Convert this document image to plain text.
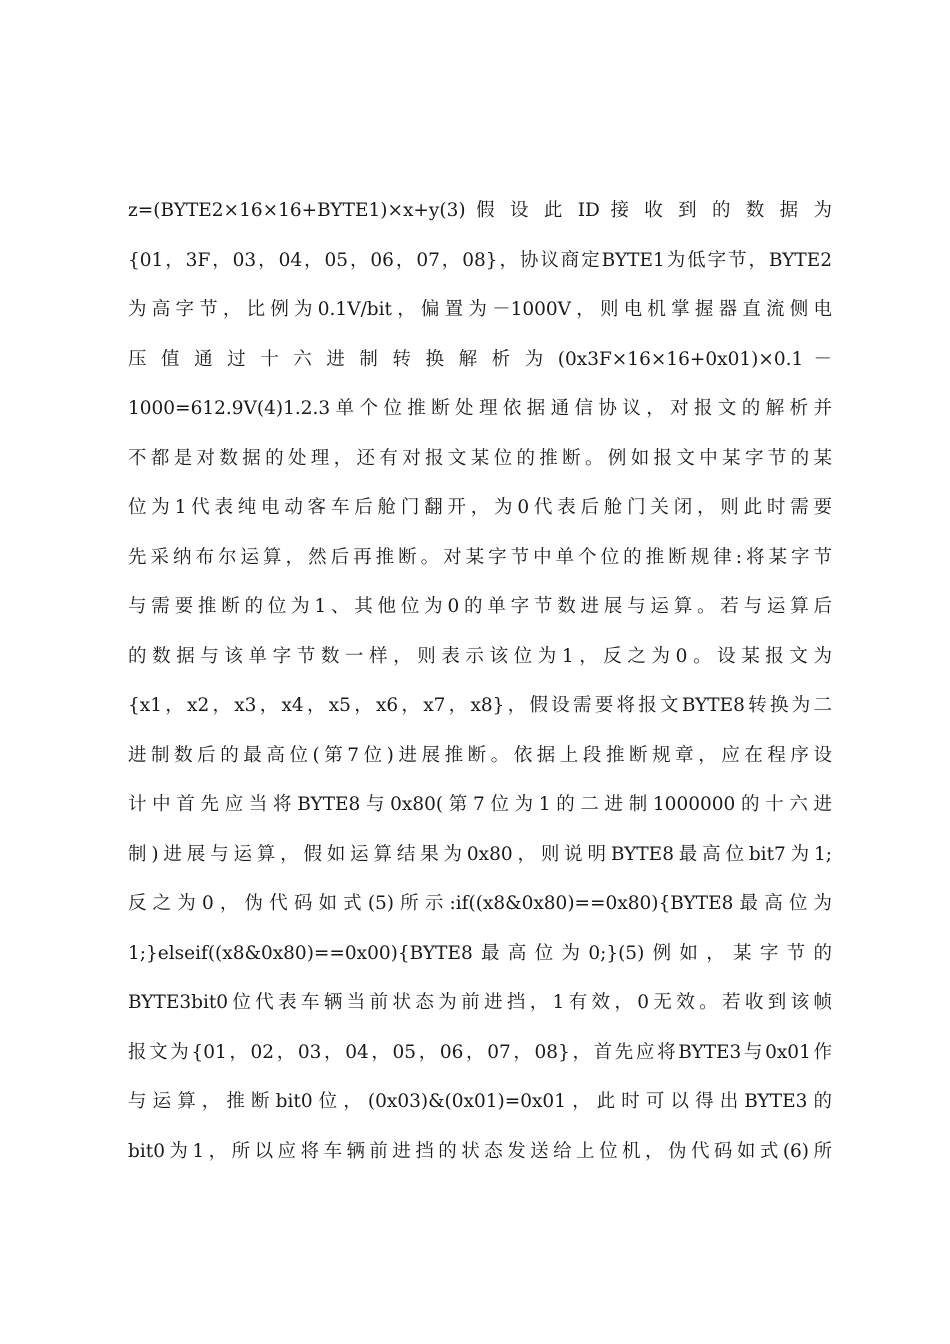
z=(BYTE2×16×16+BYTE1)×x+y(3) 假 设 此 ID 接 收 到 的 数 据 为
{01，3F，03，04，05，06，07，08}，协议商定BYTE1为低字节，BYTE2
为高字节，比例为0.1V/bit，偏置为－1000V，则电机掌握器直流侧电
压 值 通 过 十 六 进 制 转 换 解 析 为 (0x3F×16×16+0x01)×0.1 －
1000=612.9V(4)1.2.3单个位推断处理依据通信协议，对报文的解析并
不都是对数据的处理，还有对报文某位的推断。例如报文中某字节的某
位为1代表纯电动客车后舱门翻开，为0代表后舱门关闭，则此时需要
先采纳布尔运算，然后再推断。对某字节中单个位的推断规律:将某字节
与需要推断的位为1、其他位为0的单字节数进展与运算。若与运算后
的数据与该单字节数一样，则表示该位为1，反之为0。设某报文为
{x1，x2，x3，x4，x5，x6，x7，x8}，假设需要将报文BYTE8转换为二
进制数后的最高位(第7位)进展推断。依据上段推断规章，应在程序设
计中首先应当将BYTE8与0x80(第7位为1的二进制1000000的十六进
制)进展与运算，假如运算结果为0x80，则说明BYTE8最高位bit7为1;
反之为0，伪代码如式(5)所示:if((x8&0x80)==0x80){BYTE8最高位为
1;}elseif((x8&0x80)==0x00){BYTE8最高位为0;}(5)例如，某字节的
BYTE3bit0位代表车辆当前状态为前进挡，1有效，0无效。若收到该帧
报文为{01，02，03，04，05，06，07，08}，首先应将BYTE3与0x01作
与运算，推断bit0位，(0x03)&(0x01)=0x01，此时可以得出BYTE3的
bit0为1，所以应将车辆前进挡的状态发送给上位机，伪代码如式(6)所
